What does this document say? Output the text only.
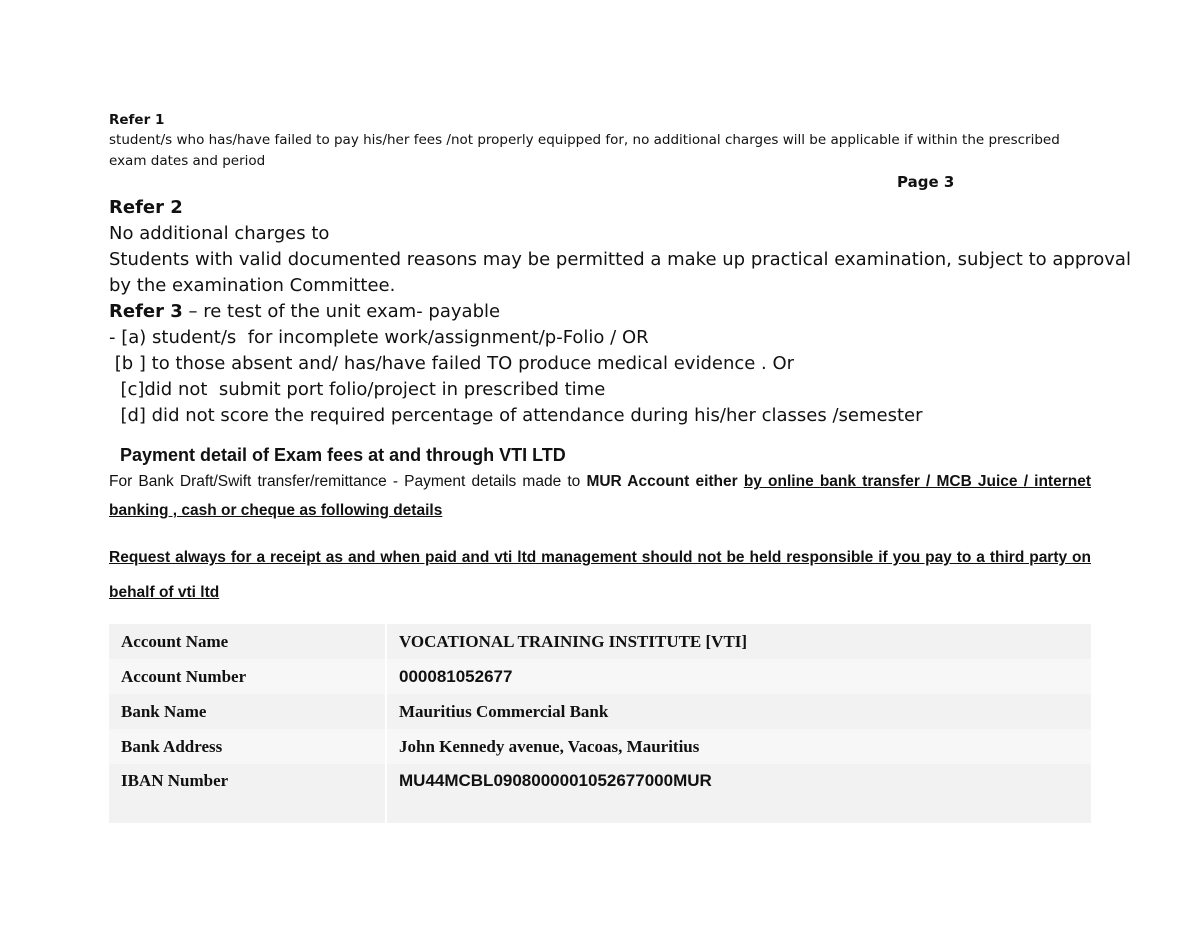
Refer 1
student/s who has/have failed to pay his/her fees /not properly equipped for, no additional charges will be applicable if within the prescribed
exam dates and period
Page 3
Refer 2
No additional charges to
Students with valid documented reasons may be permitted a make up practical examination, subject to approval
by the examination Committee.
Refer 3 – re test of the unit exam- payable
- [a) student/s  for incomplete work/assignment/p-Folio / OR
[b ] to those absent and/ has/have failed TO produce medical evidence . Or
[c]did not  submit port folio/project in prescribed time
[d] did not score the required percentage of attendance during his/her classes /semester
Payment detail of Exam fees at and through VTI LTD
For Bank Draft/Swift transfer/remittance - Payment details made to MUR Account either by online bank transfer / MCB Juice / internet banking , cash or cheque as following details
Request always for a receipt as and when paid and vti ltd management should not be held responsible if you pay to a third party on behalf of vti ltd
Account Name	VOCATIONAL TRAINING INSTITUTE [VTI]
Account Number	000081052677
Bank Name	Mauritius Commercial Bank
Bank Address	John Kennedy avenue, Vacoas, Mauritius
IBAN Number	MU44MCBL0908000001052677000MUR
